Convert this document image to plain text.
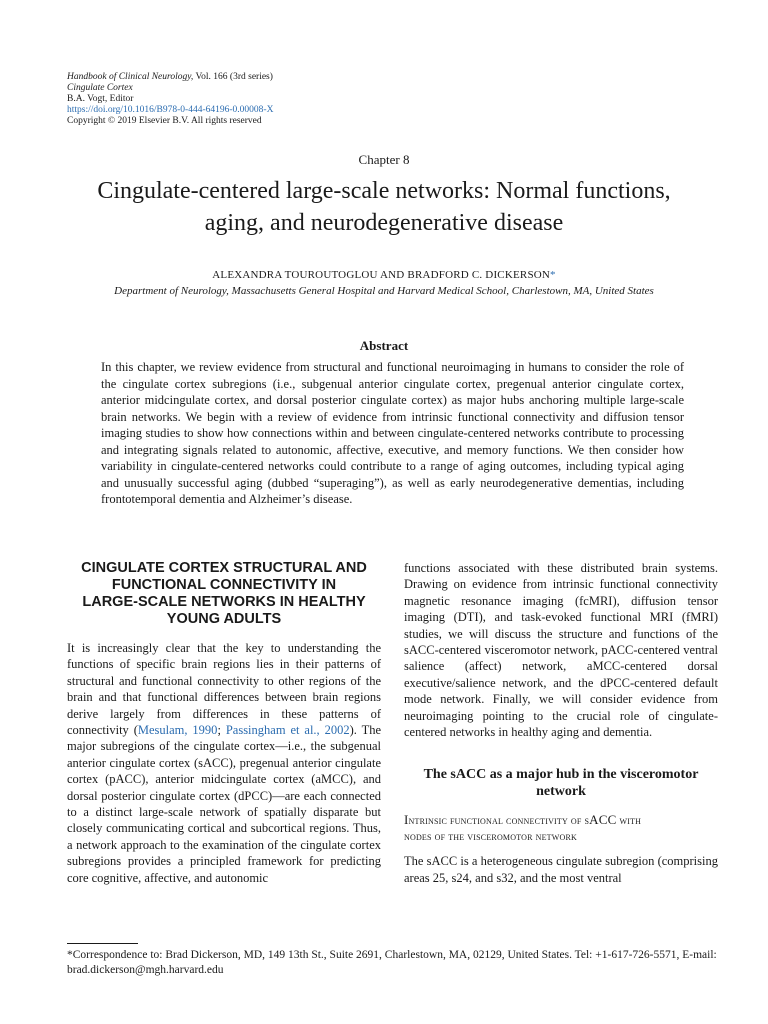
Handbook of Clinical Neurology, Vol. 166 (3rd series)
Cingulate Cortex
B.A. Vogt, Editor
https://doi.org/10.1016/B978-0-444-64196-0.00008-X
Copyright © 2019 Elsevier B.V. All rights reserved
Chapter 8
Cingulate-centered large-scale networks: Normal functions,
aging, and neurodegenerative disease
ALEXANDRA TOUROUTOGLOU AND BRADFORD C. DICKERSON*
Department of Neurology, Massachusetts General Hospital and Harvard Medical School, Charlestown, MA, United States
Abstract
In this chapter, we review evidence from structural and functional neuroimaging in humans to consider the role of the cingulate cortex subregions (i.e., subgenual anterior cingulate cortex, pregenual anterior cingulate cortex, anterior midcingulate cortex, and dorsal posterior cingulate cortex) as major hubs anchoring multiple large-scale brain networks. We begin with a review of evidence from intrinsic functional connectivity and diffusion tensor imaging studies to show how connections within and between cingulate-centered networks contribute to processing and integrating signals related to autonomic, affective, executive, and memory functions. We then consider how variability in cingulate-centered networks could contribute to a range of aging outcomes, including typical aging and unusually successful aging (dubbed “superaging”), as well as early neurodegenerative dementias, including frontotemporal dementia and Alzheimer’s disease.
CINGULATE CORTEX STRUCTURAL AND
FUNCTIONAL CONNECTIVITY IN
LARGE-SCALE NETWORKS IN HEALTHY
YOUNG ADULTS

It is increasingly clear that the key to understanding the functions of specific brain regions lies in their patterns of structural and functional connectivity to other regions of the brain and that functional differences between brain regions derive largely from differences in these patterns of connectivity (Mesulam, 1990; Passingham et al., 2002). The major subregions of the cingulate cortex—i.e., the subgenual anterior cingulate cortex (sACC), pregenual anterior cingulate cortex (pACC), anterior midcingulate cortex (aMCC), and dorsal posterior cingulate cortex (dPCC)—are each connected to a distinct large-scale network of spatially disparate but closely communicating cortical and subcortical regions. Thus, a network approach to the examination of the cingulate cortex subregions provides a principled framework for predicting core cognitive, affective, and autonomic

functions associated with these distributed brain systems. Drawing on evidence from intrinsic functional connectivity magnetic resonance imaging (fcMRI), diffusion tensor imaging (DTI), and task-evoked functional MRI (fMRI) studies, we will discuss the structure and functions of the sACC-centered visceromotor network, pACC-centered ventral salience (affect) network, aMCC-centered dorsal executive/salience network, and the dPCC-centered default mode network. Finally, we will consider evidence from neuroimaging pointing to the crucial role of cingulate-centered networks in healthy aging and dementia.

The sACC as a major hub in the visceromotor
network
Intrinsic functional connectivity of sACC with
nodes of the visceromotor network

The sACC is a heterogeneous cingulate subregion (comprising areas 25, s24, and s32, and the most ventral

*Correspondence to: Brad Dickerson, MD, 149 13th St., Suite 2691, Charlestown, MA, 02129, United States. Tel: +1-617-726-5571, E-mail: brad.dickerson@mgh.harvard.edu
